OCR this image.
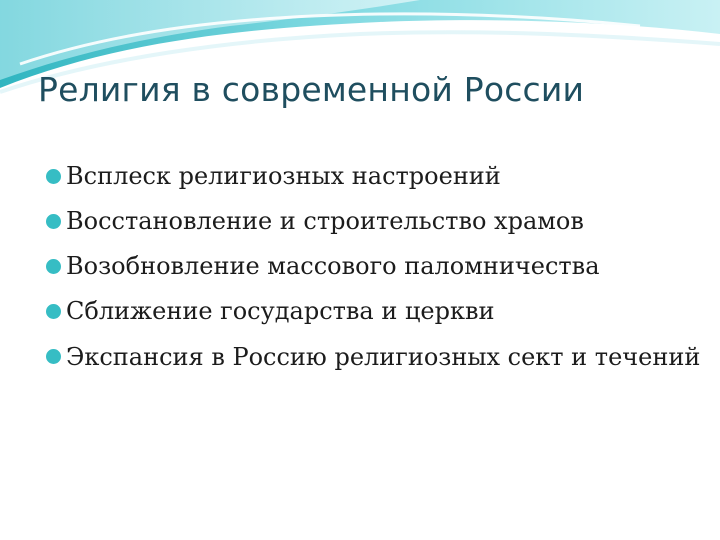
Религия в современной России
Всплеск религиозных настроений
Восстановление и строительство храмов
Возобновление массового паломничества
Сближение государства и церкви
Экспансия в Россию религиозных сект и течений
